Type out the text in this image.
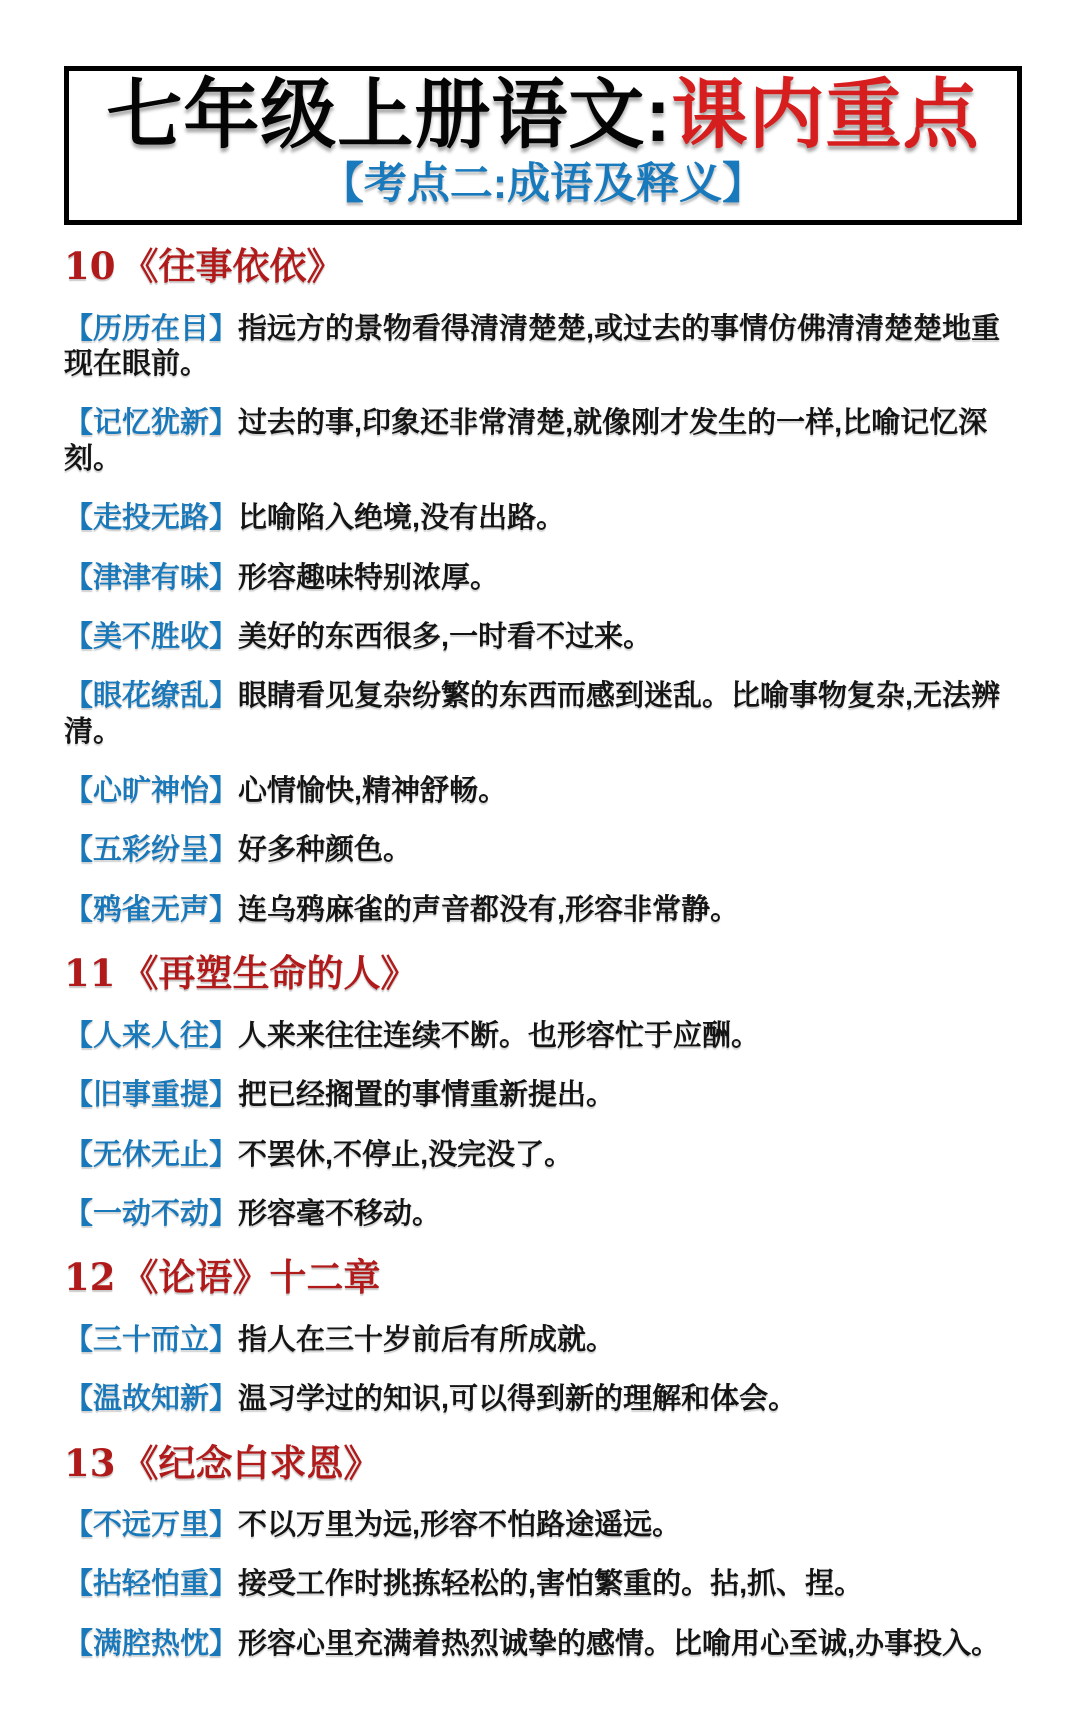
七年级上册语文:课内重点
【考点二:成语及释义】
10 《往事依依》

【历历在目】指远方的景物看得清清楚楚,或过去的事情仿佛清清楚楚地重现在眼前。

【记忆犹新】过去的事,印象还非常清楚,就像刚才发生的一样,比喻记忆深刻。

【走投无路】比喻陷入绝境,没有出路。

【津津有味】形容趣味特别浓厚。

【美不胜收】美好的东西很多,一时看不过来。

【眼花缭乱】眼睛看见复杂纷繁的东西而感到迷乱。比喻事物复杂,无法辨清。

【心旷神怡】心情愉快,精神舒畅。

【五彩纷呈】好多种颜色。

【鸦雀无声】连乌鸦麻雀的声音都没有,形容非常静。

11 《再塑生命的人》

【人来人往】人来来往往连续不断。也形容忙于应酬。

【旧事重提】把已经搁置的事情重新提出。

【无休无止】不罢休,不停止,没完没了。

【一动不动】形容毫不移动。

12 《论语》十二章

【三十而立】指人在三十岁前后有所成就。

【温故知新】温习学过的知识,可以得到新的理解和体会。

13 《纪念白求恩》

【不远万里】不以万里为远,形容不怕路途遥远。

【拈轻怕重】接受工作时挑拣轻松的,害怕繁重的。拈,抓、捏。

【满腔热忱】形容心里充满着热烈诚挚的感情。比喻用心至诚,办事投入。
